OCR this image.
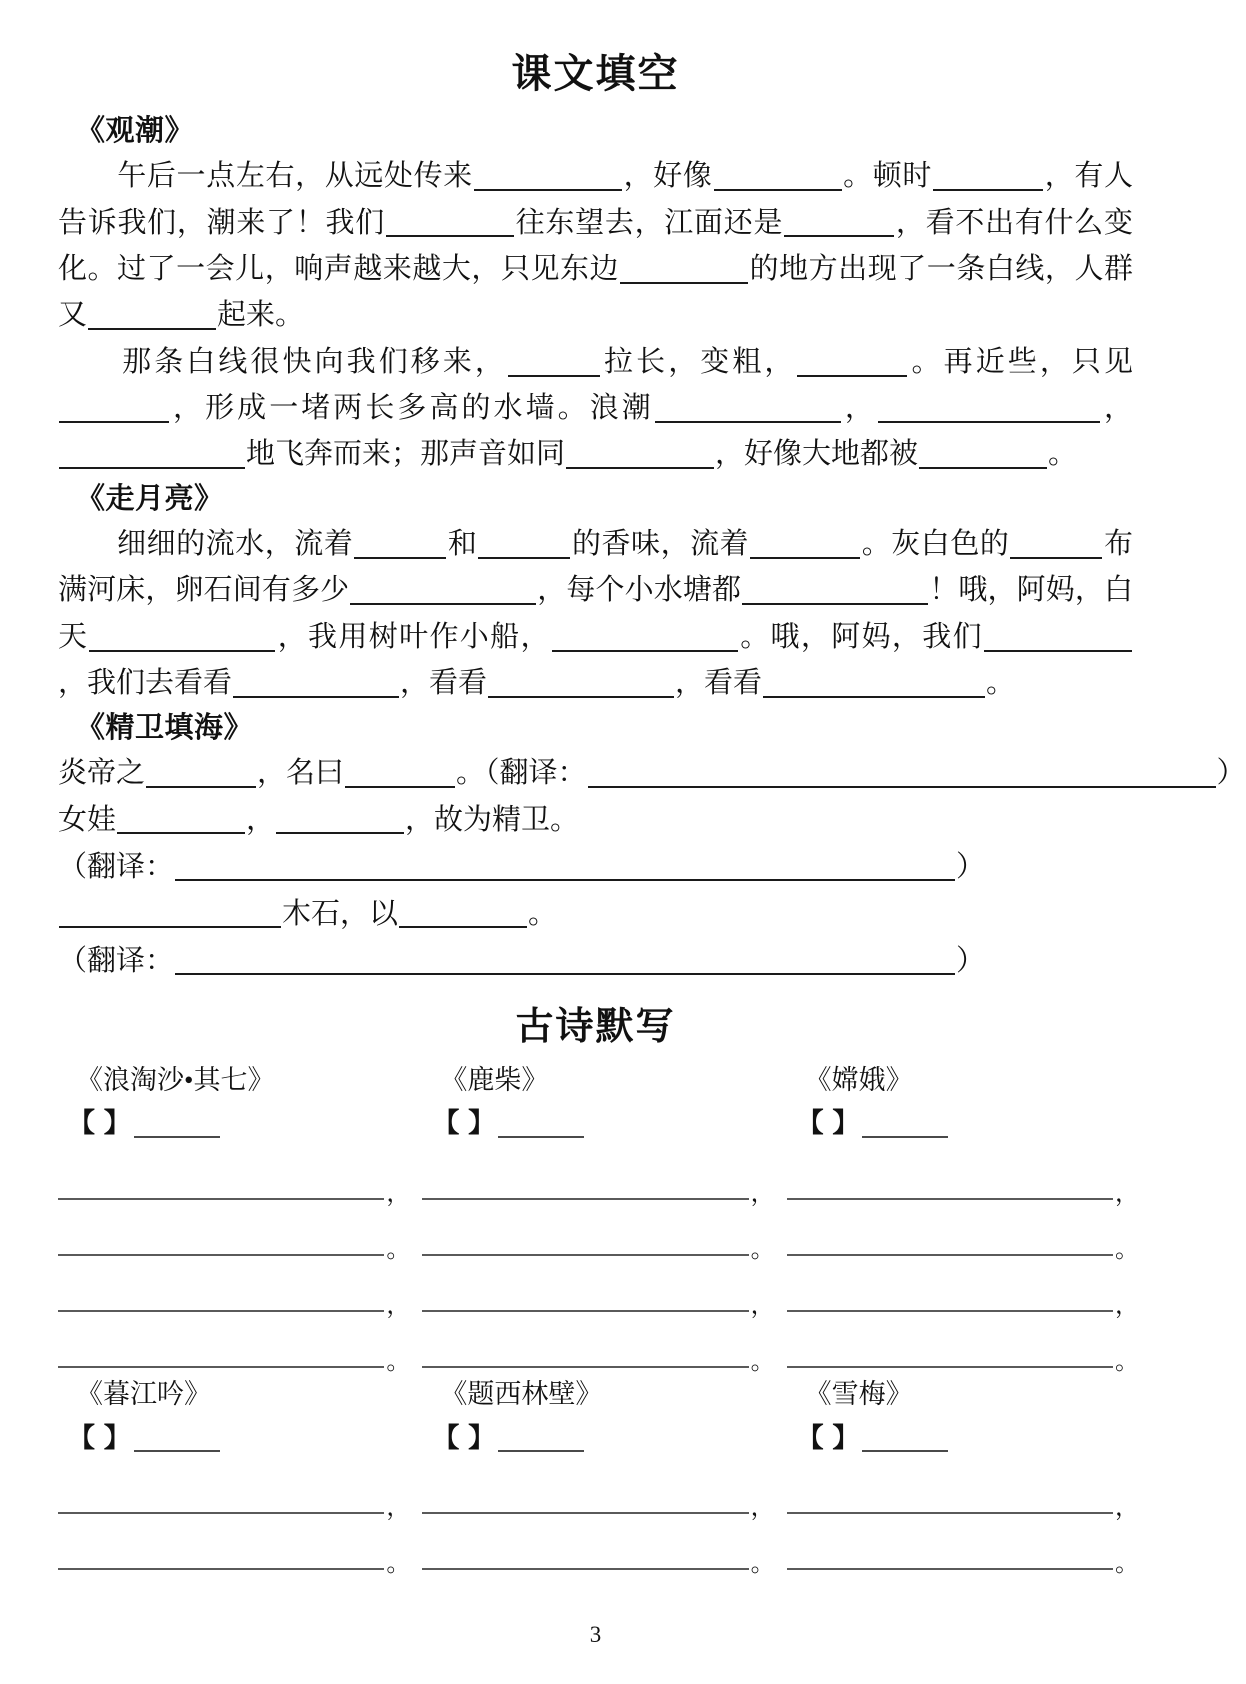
课文填空
《观潮》
　　午后一点左右，从远处传来	，好像	。顿时	，有人告诉我们，潮来了！我们	往东望去，江面还是	，看不出有什么变化。过了一会儿，响声越来越大，只见东边	的地方出现了一条白线，人群又	起来。
　　那条白线很快向我们移来，	拉长，变粗，	。再近些，只见，形成一堵两长多高的水墙。浪潮	，	，地飞奔而来；那声音如同	，好像大地都被	。
《走月亮》
　　细细的流水，流着	和	的香味，流着	。灰白色的	布满河床，卵石间有多少	，每个小水塘都	！哦，阿妈，白天	，我用树叶作小船，	。哦，阿妈，我们，我们去看看	，看看	，看看	。
《精卫填海》
炎帝之	，名曰	。（翻译：	）
女娃	，	，故为精卫。
（翻译：	）
木石，以	。
（翻译：	）
古诗默写
《浪淘沙•其七》
【 】
，
。
，
。
《鹿柴》
【 】
，
。
，
。
《嫦娥》
【 】
，
。
，
。
《暮江吟》
【 】
，
。
《题西林壁》
【 】
，
。
《雪梅》
【 】
，
。
3
